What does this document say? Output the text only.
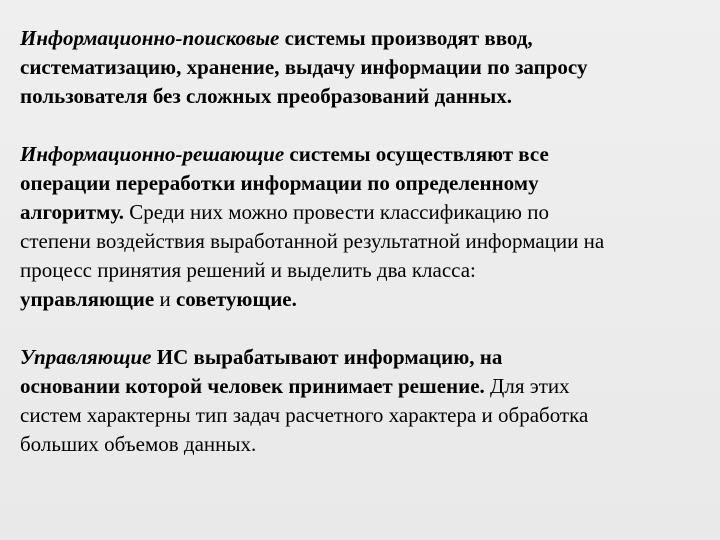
Информационно-поисковые системы производят ввод,
систематизацию, хранение, выдачу информации по запросу
пользователя без сложных преобразований данных.

Информационно-решающие системы осуществляют все
операции переработки информации по определенному
алгоритму. Среди них можно провести классификацию по
степени воздействия выработанной результатной информации на
процесс принятия решений и выделить два класса:
управляющие и советующие.

Управляющие ИС вырабатывают информацию, на
основании которой человек принимает решение. Для этих
систем характерны тип задач расчетного характера и обработка
больших объемов данных.
